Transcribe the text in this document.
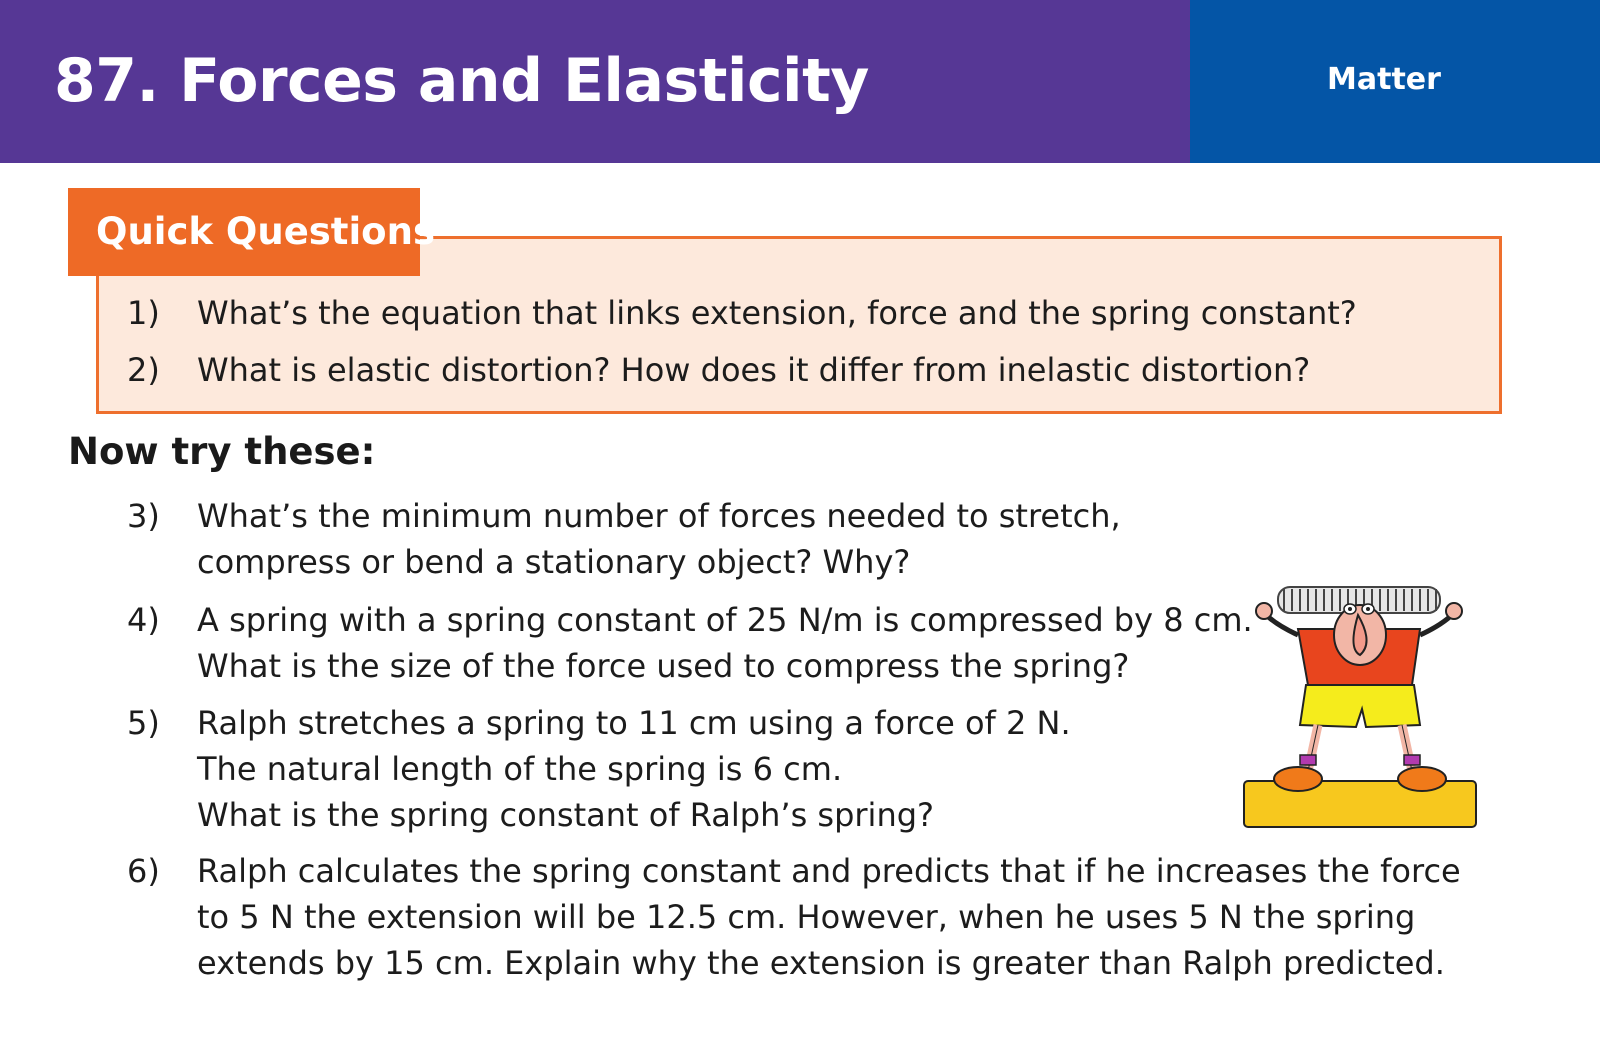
87. Forces and Elasticity	Matter
Quick Questions
1) What’s the equation that links extension, force and the spring constant?
2) What is elastic distortion? How does it differ from inelastic distortion?
Now try these:
3) What’s the minimum number of forces needed to stretch,
compress or bend a stationary object? Why?
4) A spring with a spring constant of 25 N/m is compressed by 8 cm.
What is the size of the force used to compress the spring?
5) Ralph stretches a spring to 11 cm using a force of 2 N.
The natural length of the spring is 6 cm.
What is the spring constant of Ralph’s spring?
6) Ralph calculates the spring constant and predicts that if he increases the force
to 5 N the extension will be 12.5 cm. However, when he uses 5 N the spring
extends by 15 cm. Explain why the extension is greater than Ralph predicted.
